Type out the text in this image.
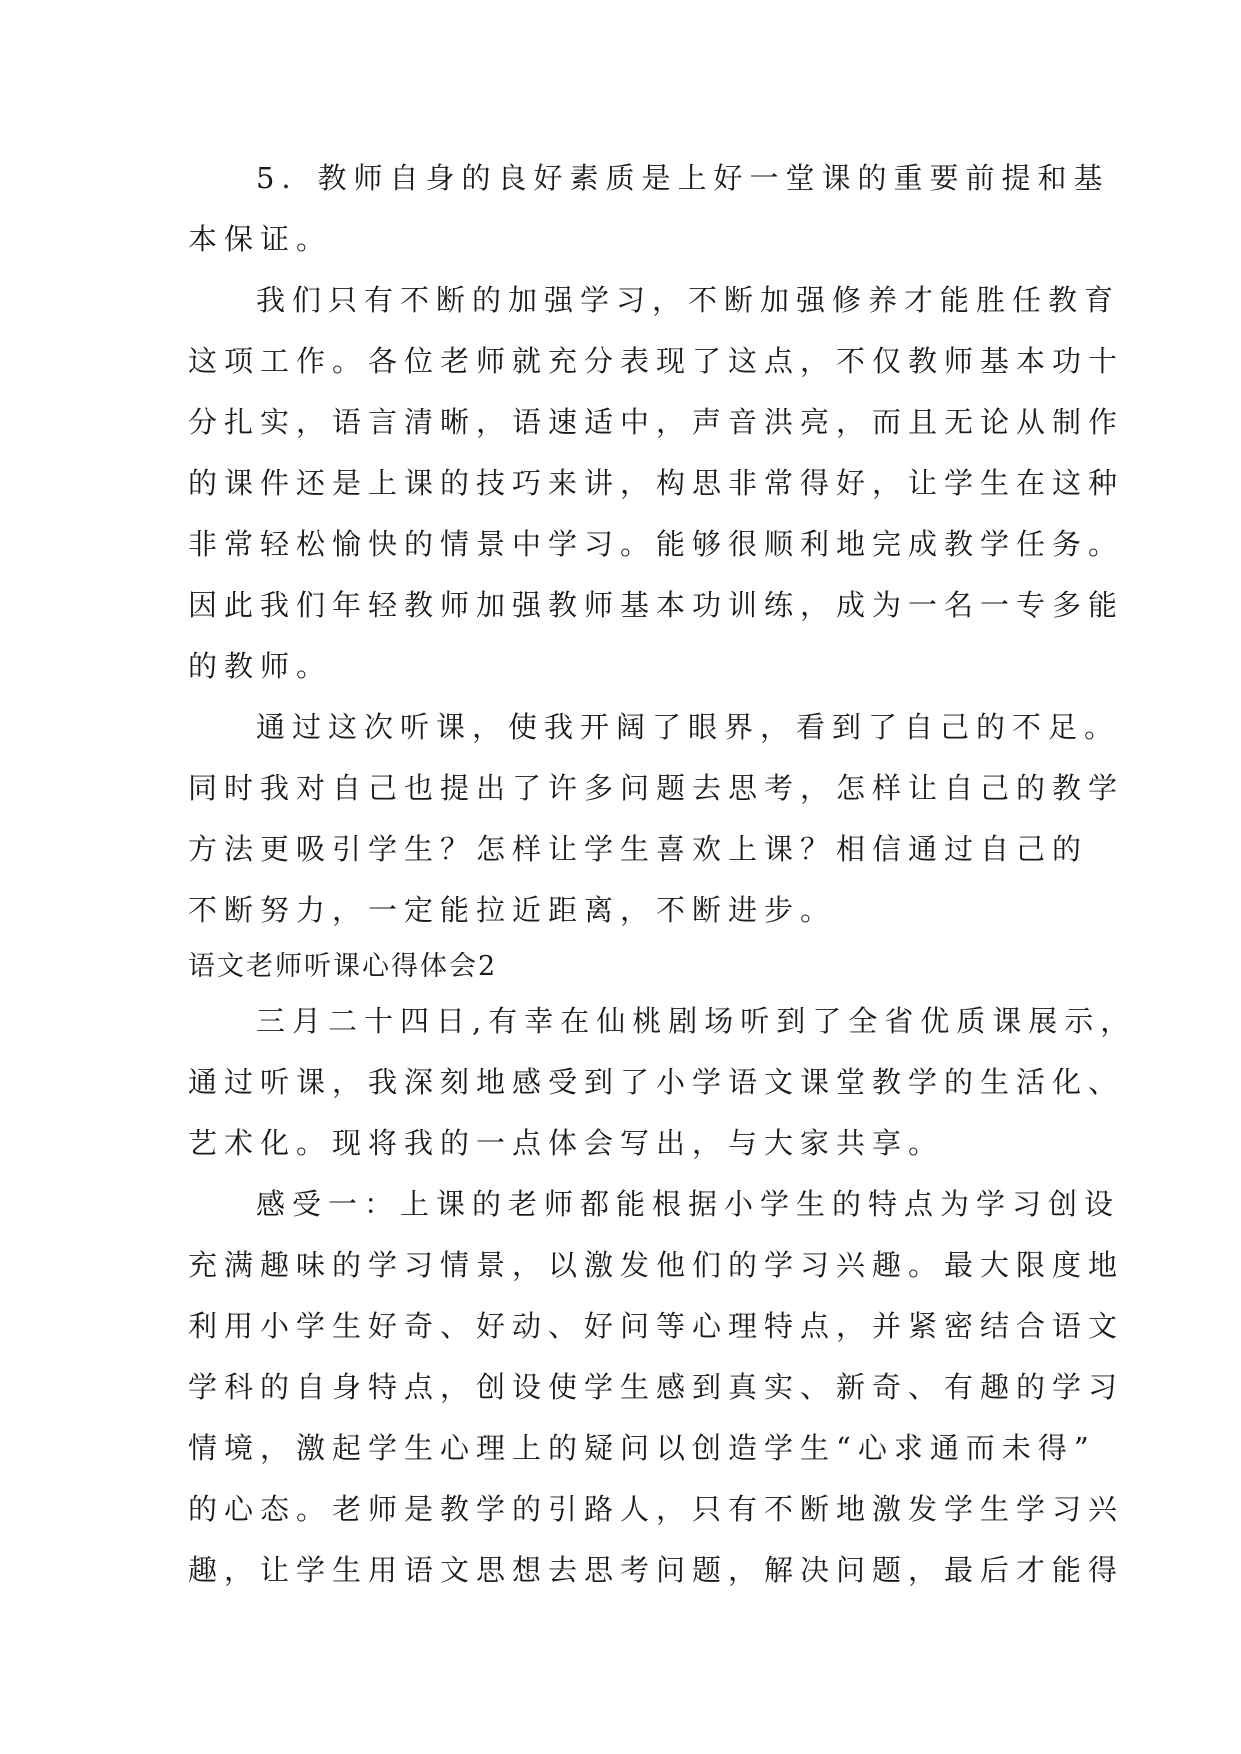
5．教师自身的良好素质是上好一堂课的重要前提和基
本保证。
我们只有不断的加强学习，不断加强修养才能胜任教育
这项工作。各位老师就充分表现了这点，不仅教师基本功十
分扎实，语言清晰，语速适中，声音洪亮，而且无论从制作
的课件还是上课的技巧来讲，构思非常得好，让学生在这种
非常轻松愉快的情景中学习。能够很顺利地完成教学任务。
因此我们年轻教师加强教师基本功训练，成为一名一专多能
的教师。
通过这次听课，使我开阔了眼界，看到了自己的不足。
同时我对自己也提出了许多问题去思考，怎样让自己的教学
方法更吸引学生？怎样让学生喜欢上课？相信通过自己的
不断努力，一定能拉近距离，不断进步。
语文老师听课心得体会2
三月二十四日,有幸在仙桃剧场听到了全省优质课展示，
通过听课，我深刻地感受到了小学语文课堂教学的生活化、
艺术化。现将我的一点体会写出，与大家共享。
感受一：上课的老师都能根据小学生的特点为学习创设
充满趣味的学习情景，以激发他们的学习兴趣。最大限度地
利用小学生好奇、好动、好问等心理特点，并紧密结合语文
学科的自身特点，创设使学生感到真实、新奇、有趣的学习
情境，激起学生心理上的疑问以创造学生“心求通而未得”
的心态。老师是教学的引路人，只有不断地激发学生学习兴
趣，让学生用语文思想去思考问题，解决问题，最后才能得
